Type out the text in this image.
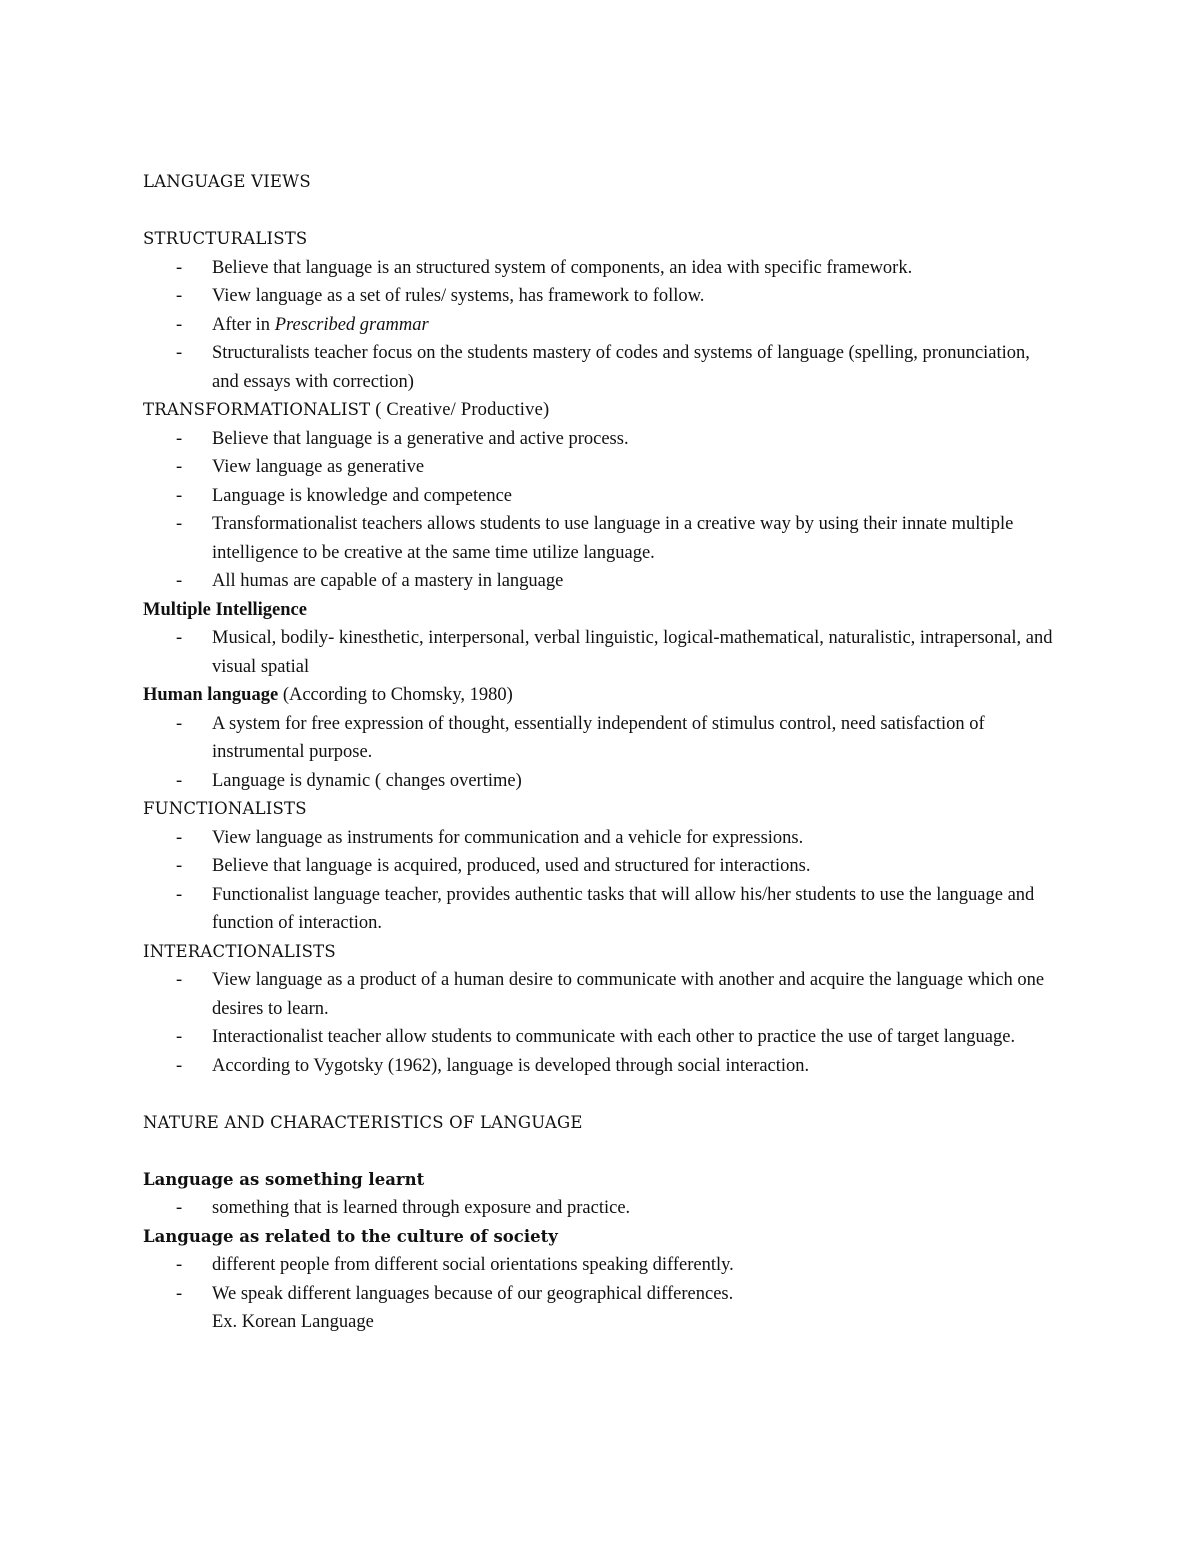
LANGUAGE VIEWS
STRUCTURALISTS
- Believe that language is an structured system of components, an idea with specific framework.
- View language as a set of rules/ systems, has framework to follow.
- After in Prescribed grammar
- Structuralists teacher focus on the students mastery of codes and systems of language (spelling, pronunciation, and essays with correction)
TRANSFORMATIONALIST ( Creative/ Productive)
- Believe that language is a generative and active process.
- View language as generative
- Language is knowledge and competence
- Transformationalist teachers allows students to use language in a creative way by using their innate multiple intelligence to be creative at the same time utilize language.
- All humas are capable of a mastery in language
Multiple Intelligence
- Musical, bodily- kinesthetic, interpersonal, verbal linguistic, logical-mathematical, naturalistic, intrapersonal, and visual spatial
Human language (According to Chomsky, 1980)
- A system for free expression of thought, essentially independent of stimulus control, need satisfaction of instrumental purpose.
- Language is dynamic ( changes overtime)
FUNCTIONALISTS
- View language as instruments for communication and a vehicle for expressions.
- Believe that language is acquired, produced, used and structured for interactions.
- Functionalist language teacher, provides authentic tasks that will allow his/her students to use the language and function of interaction.
INTERACTIONALISTS
- View language as a product of a human desire to communicate with another and acquire the language which one desires to learn.
- Interactionalist teacher allow students to communicate with each other to practice the use of target language.
- According to Vygotsky (1962), language is developed through social interaction.
NATURE AND CHARACTERISTICS OF LANGUAGE
Language as something learnt
- something that is learned through exposure and practice.
Language as related to the culture of society
- different people from different social orientations speaking differently.
- We speak different languages because of our geographical differences.
Ex. Korean Language
